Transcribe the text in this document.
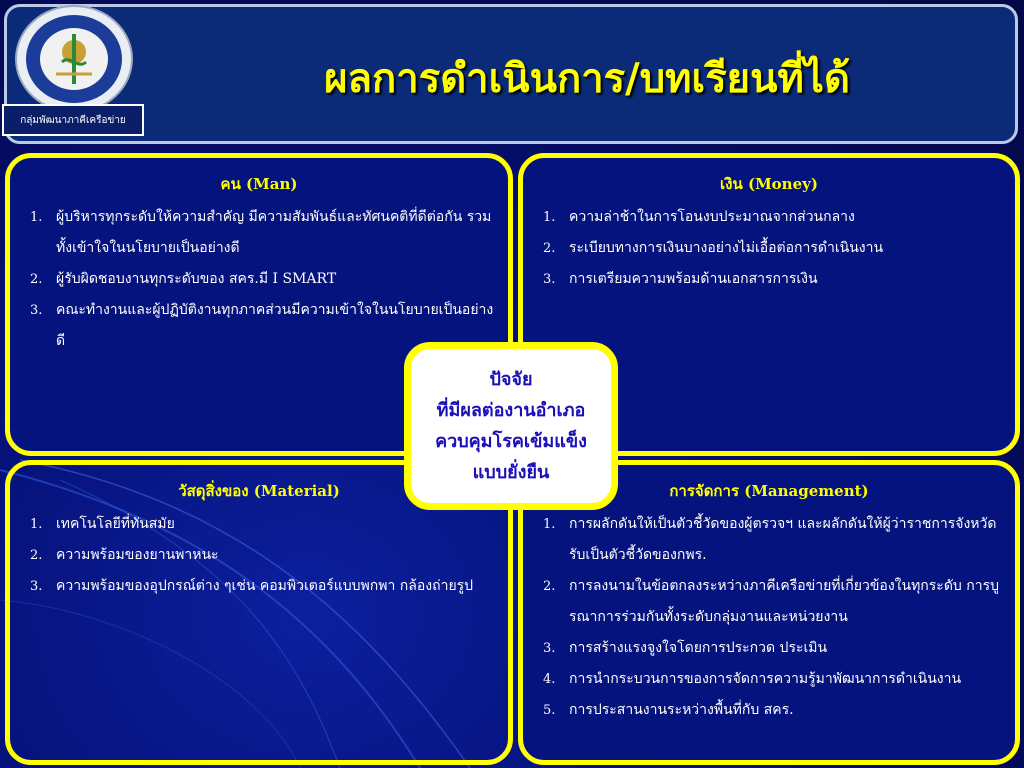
ผลการดำเนินการ/บทเรียนที่ได้
กลุ่มพัฒนาภาคีเครือข่าย
คน (Man)
1. ผู้บริหารทุกระดับให้ความสำคัญ มีความสัมพันธ์และทัศนคติที่ดีต่อกัน รวมทั้งเข้าใจในนโยบายเป็นอย่างดี
2. ผู้รับผิดชอบงานทุกระดับของ สคร.มี I SMART
3. คณะทำงานและผู้ปฏิบัติงานทุกภาคส่วนมีความเข้าใจในนโยบายเป็นอย่างดี
เงิน (Money)
1. ความล่าช้าในการโอนงบประมาณจากส่วนกลาง
2. ระเบียบทางการเงินบางอย่างไม่เอื้อต่อการดำเนินงาน
3. การเตรียมความพร้อมด้านเอกสารการเงิน
วัสดุสิ่งของ (Material)
1. เทคโนโลยีที่ทันสมัย
2. ความพร้อมของยานพาหนะ
3. ความพร้อมของอุปกรณ์ต่าง ๆเช่น คอมพิวเตอร์แบบพกพา กล้องถ่ายรูป
การจัดการ (Management)
1. การผลักดันให้เป็นตัวชี้วัดของผู้ตรวจฯ และผลักดันให้ผู้ว่าราชการจังหวัดรับเป็นตัวชี้วัดของกพร.
2. การลงนามในข้อตกลงระหว่างภาคีเครือข่ายที่เกี่ยวข้องในทุกระดับ การบูรณาการร่วมกันทั้งระดับกลุ่มงานและหน่วยงาน
3. การสร้างแรงจูงใจโดยการประกวด ประเมิน
4. การนำกระบวนการของการจัดการความรู้มาพัฒนาการดำเนินงาน
5. การประสานงานระหว่างพื้นที่กับ สคร.
ปัจจัย
ที่มีผลต่องานอำเภอ
ควบคุมโรคเข้มแข็ง
แบบยั่งยืน
